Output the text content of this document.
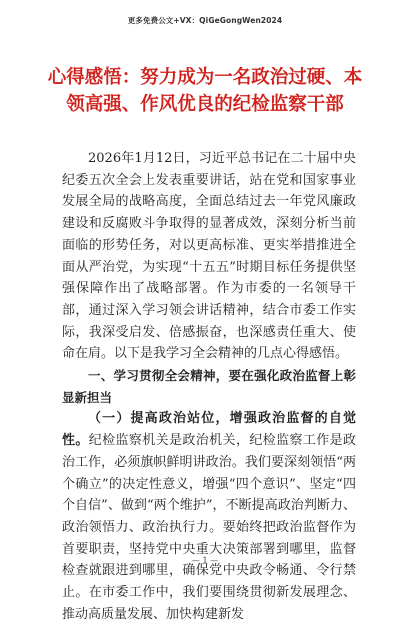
更多免费公文+VX：QiGeGongWen2024
心得感悟：努力成为一名政治过硬、本领高强、作风优良的纪检监察干部

2026年1月12日，习近平总书记在二十届中央纪委五次全会上发表重要讲话，站在党和国家事业发展全局的战略高度，全面总结过去一年党风廉政建设和反腐败斗争取得的显著成效，深刻分析当前面临的形势任务，对以更高标准、更实举措推进全面从严治党，为实现“十五五”时期目标任务提供坚强保障作出了战略部署。作为市委的一名领导干部，通过深入学习领会讲话精神，结合市委工作实际，我深受启发、倍感振奋，也深感责任重大、使命在肩。以下是我学习全会精神的几点心得感悟。

一、学习贯彻全会精神，要在强化政治监督上彰显新担当

（一）提高政治站位，增强政治监督的自觉性。纪检监察机关是政治机关，纪检监察工作是政治工作，必须旗帜鲜明讲政治。我们要深刻领悟“两个确立”的决定性意义，增强“四个意识”、坚定“四个自信”、做到“两个维护”，不断提高政治判断力、政治领悟力、政治执行力。要始终把政治监督作为首要职责，坚持党中央重大决策部署到哪里，监督检查就跟进到哪里，确保党中央政令畅通、令行禁止。在市委工作中，我们要围绕贯彻新发展理念、推动高质量发展、加快构建新发

— 1 —
